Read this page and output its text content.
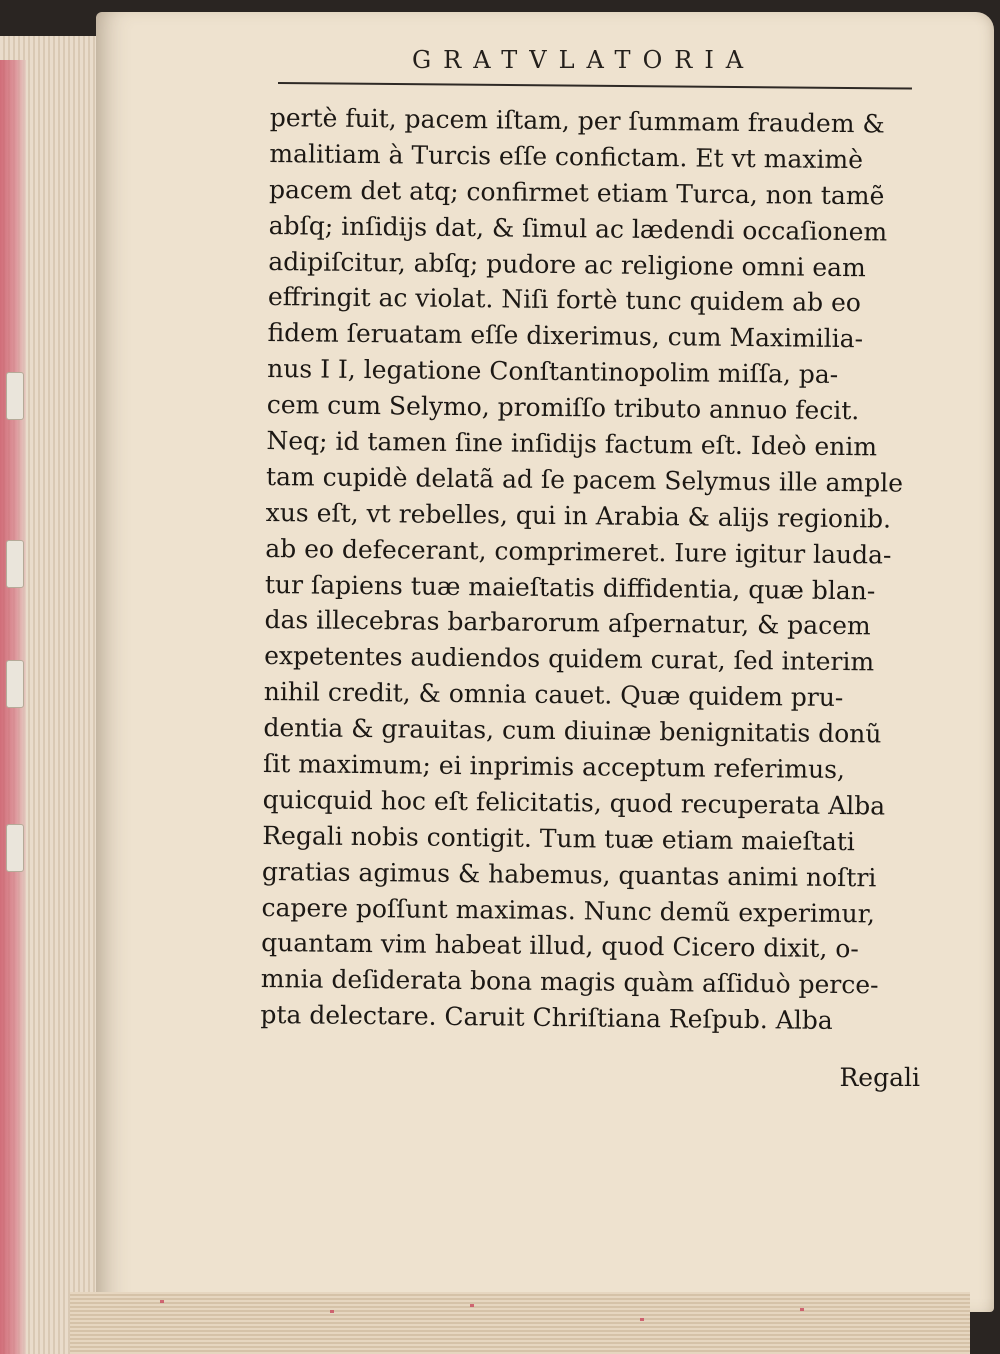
GRATVLATORIA
pertè fuit, pacem iſtam, per ſummam fraudem &
malitiam à Turcis eſſe confictam. Et vt maximè
pacem det atq; confirmet etiam Turca, non tamẽ
abſq; inſidijs dat, & ſimul ac lædendi occaſionem
adipiſcitur, abſq; pudore ac religione omni eam
effringit ac violat. Niſi fortè tunc quidem ab eo
fidem ſeruatam eſſe dixerimus, cum Maximilia-
nus I I, legatione Conſtantinopolim miſſa, pa-
cem cum Selymo, promiſſo tributo annuo fecit.
Neq; id tamen ſine inſidijs factum eſt. Ideò enim
tam cupidè delatã ad ſe pacem Selymus ille ample
xus eſt, vt rebelles, qui in Arabia & alijs regionib.
ab eo defecerant, comprimeret. Iure igitur lauda-
tur ſapiens tuæ maieſtatis diffidentia, quæ blan-
das illecebras barbarorum aſpernatur, & pacem
expetentes audiendos quidem curat, ſed interim
nihil credit, & omnia cauet. Quæ quidem pru-
dentia & grauitas, cum diuinæ benignitatis donũ
ſit maximum; ei inprimis acceptum referimus,
quicquid hoc eſt felicitatis, quod recuperata Alba
Regali nobis contigit. Tum tuæ etiam maieſtati
gratias agimus & habemus, quantas animi noſtri
capere poſſunt maximas. Nunc demũ experimur,
quantam vim habeat illud, quod Cicero dixit, o-
mnia deſiderata bona magis quàm aſſiduò perce-
pta delectare. Caruit Chriſtiana Reſpub. Alba
Regali
